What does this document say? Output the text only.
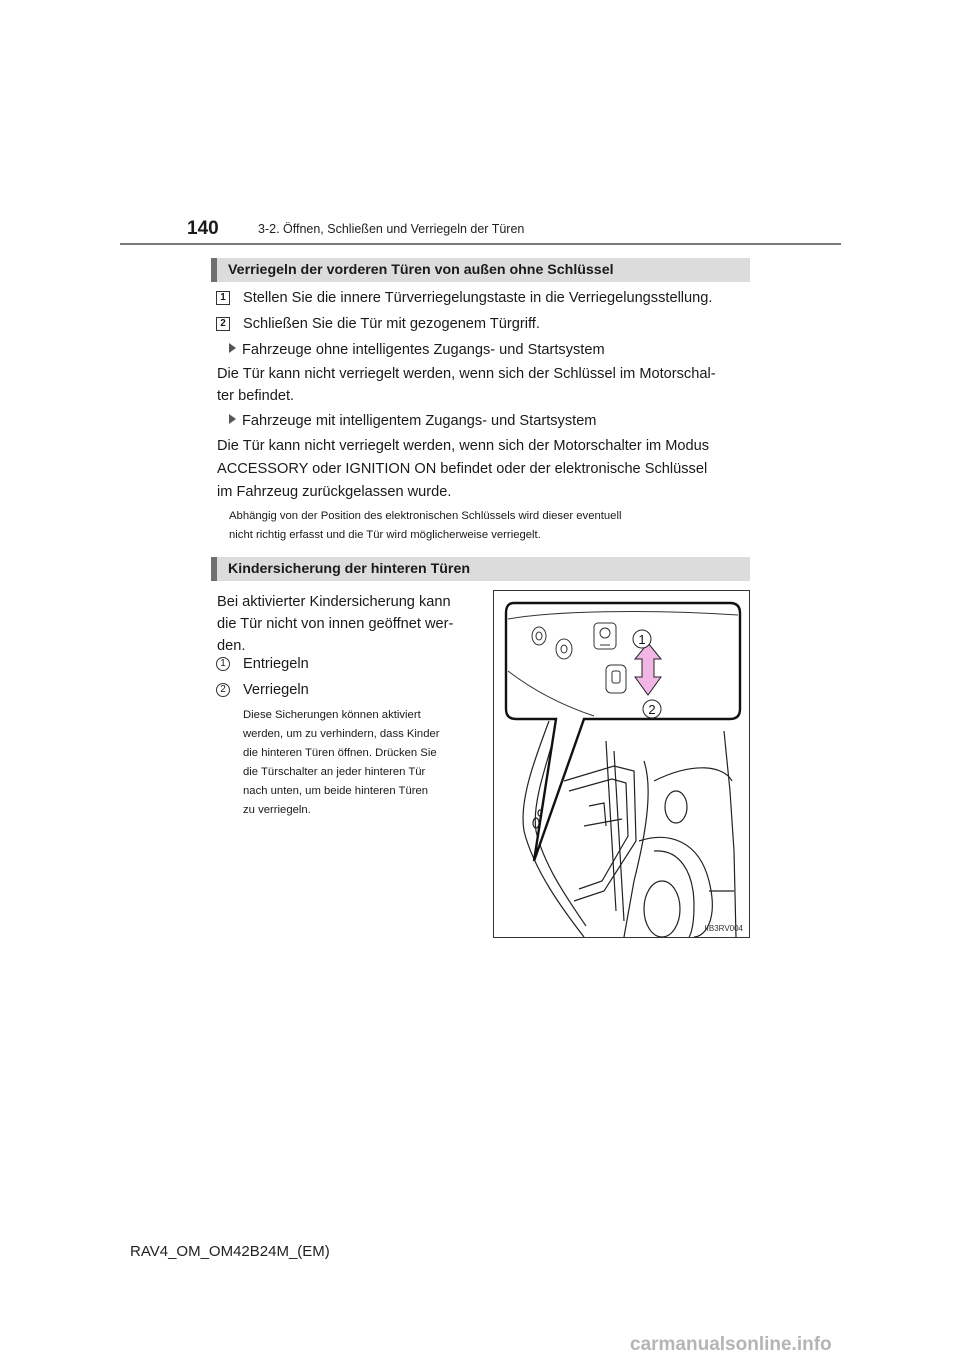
140	3-2. Öffnen, Schließen und Verriegeln der Türen
Verriegeln der vorderen Türen von außen ohne Schlüssel
1 Stellen Sie die innere Türverriegelungstaste in die Verriegelungsstellung.
2 Schließen Sie die Tür mit gezogenem Türgriff.
Fahrzeuge ohne intelligentes Zugangs- und Startsystem
Die Tür kann nicht verriegelt werden, wenn sich der Schlüssel im Motorschal-
ter befindet.
Fahrzeuge mit intelligentem Zugangs- und Startsystem
Die Tür kann nicht verriegelt werden, wenn sich der Motorschalter im Modus
ACCESSORY oder IGNITION ON befindet oder der elektronische Schlüssel
im Fahrzeug zurückgelassen wurde.
Abhängig von der Position des elektronischen Schlüssels wird dieser eventuell
nicht richtig erfasst und die Tür wird möglicherweise verriegelt.
Kindersicherung der hinteren Türen
Bei aktivierter Kindersicherung kann
die Tür nicht von innen geöffnet wer-
den.
1 Entriegeln
2 Verriegeln
Diese Sicherungen können aktiviert
werden, um zu verhindern, dass Kinder
die hinteren Türen öffnen. Drücken Sie
die Türschalter an jeder hinteren Tür
nach unten, um beide hinteren Türen
zu verriegeln.
1
2
IIB3RV004
RAV4_OM_OM42B24M_(EM)
carmanualsonline.info
